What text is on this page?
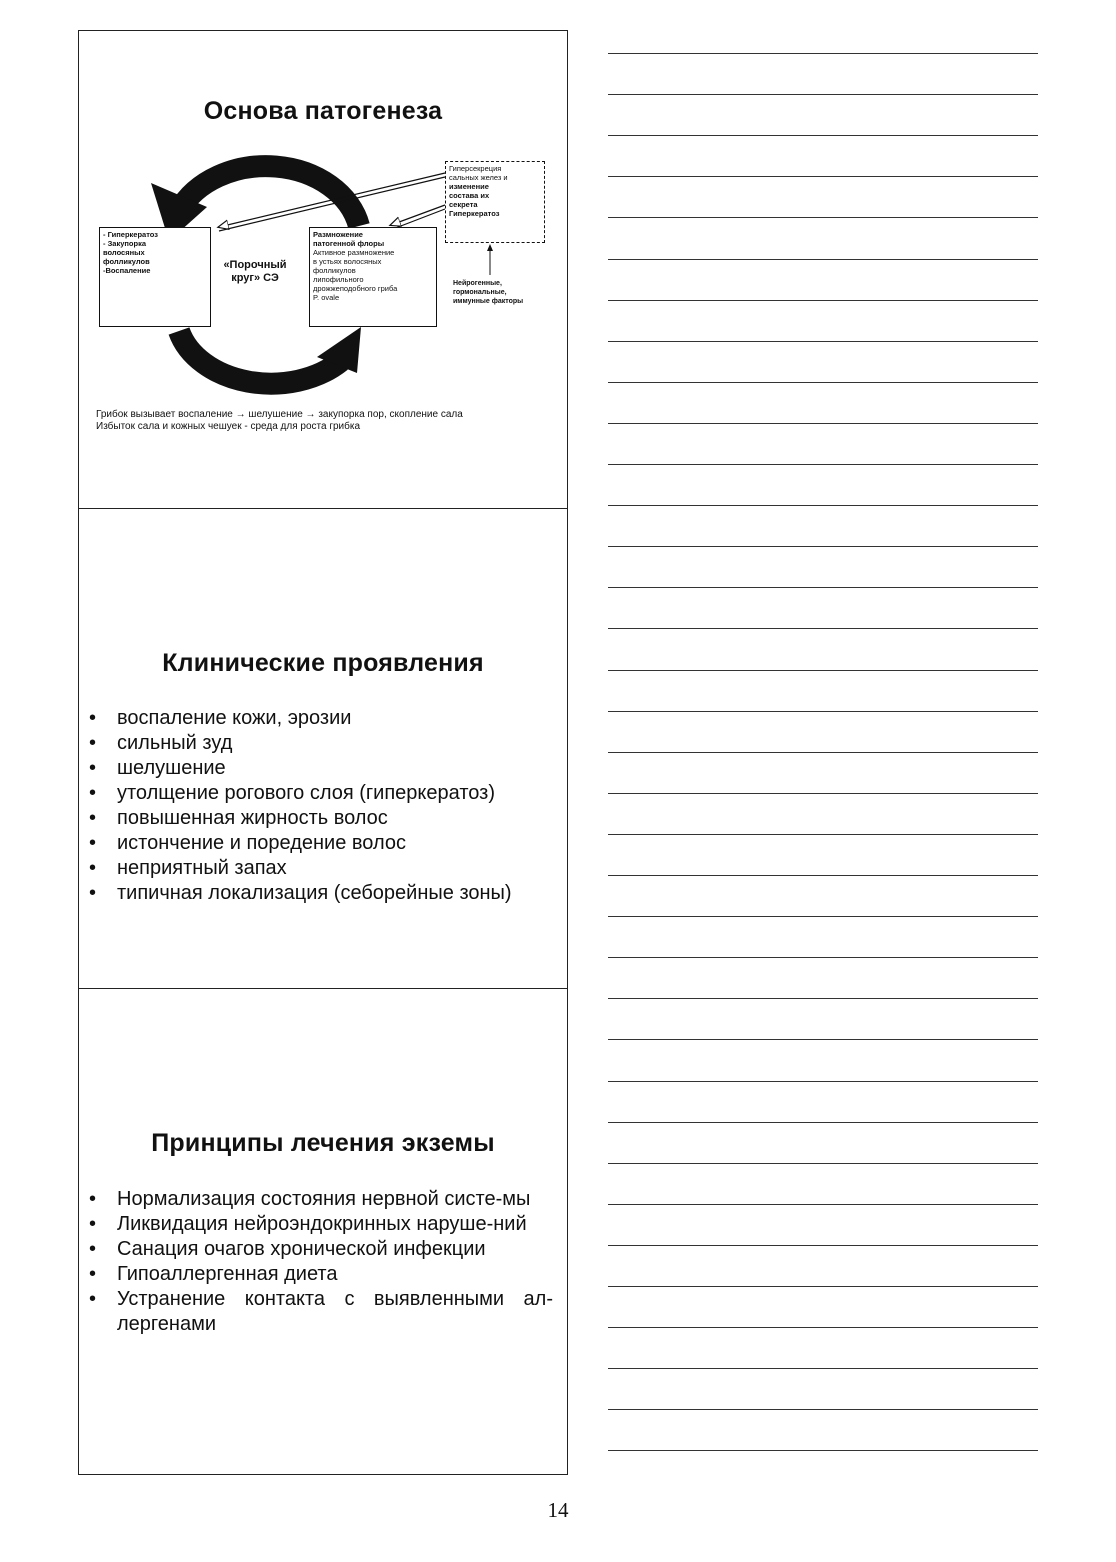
Основа патогенеза
- Гиперкератоз
- Закупорка
волосяных
фолликулов
-Воспаление	«Порочный
круг» СЭ
Размножение
патогенной флоры
Активное размножение
в устьях волосяных
фолликулов
липофильного
дрожжеподобного гриба
P. ovale
Гиперсекреция
сальных желез и
изменение
состава их
секрета
Гиперкератоз
Нейрогенные,
гормональные,
иммунные факторы
Грибок вызывает воспаление → шелушение → закупорка пор, скопление сала
Избыток сала и кожных чешуек - среда для роста грибка
Клинические проявления
• воспаление кожи, эрозии
• сильный зуд
• шелушение
• утолщение рогового слоя (гиперкератоз)
• повышенная жирность волос
• истончение и поредение волос
• неприятный запах
• типичная локализация (себорейные зоны)
Принципы лечения экземы
• Нормализация состояния нервной систе-мы
• Ликвидация нейроэндокринных наруше-ний
• Санация очагов хронической инфекции
• Гипоаллергенная диета
• Устранение контакта с выявленными ал-лергенами
14
